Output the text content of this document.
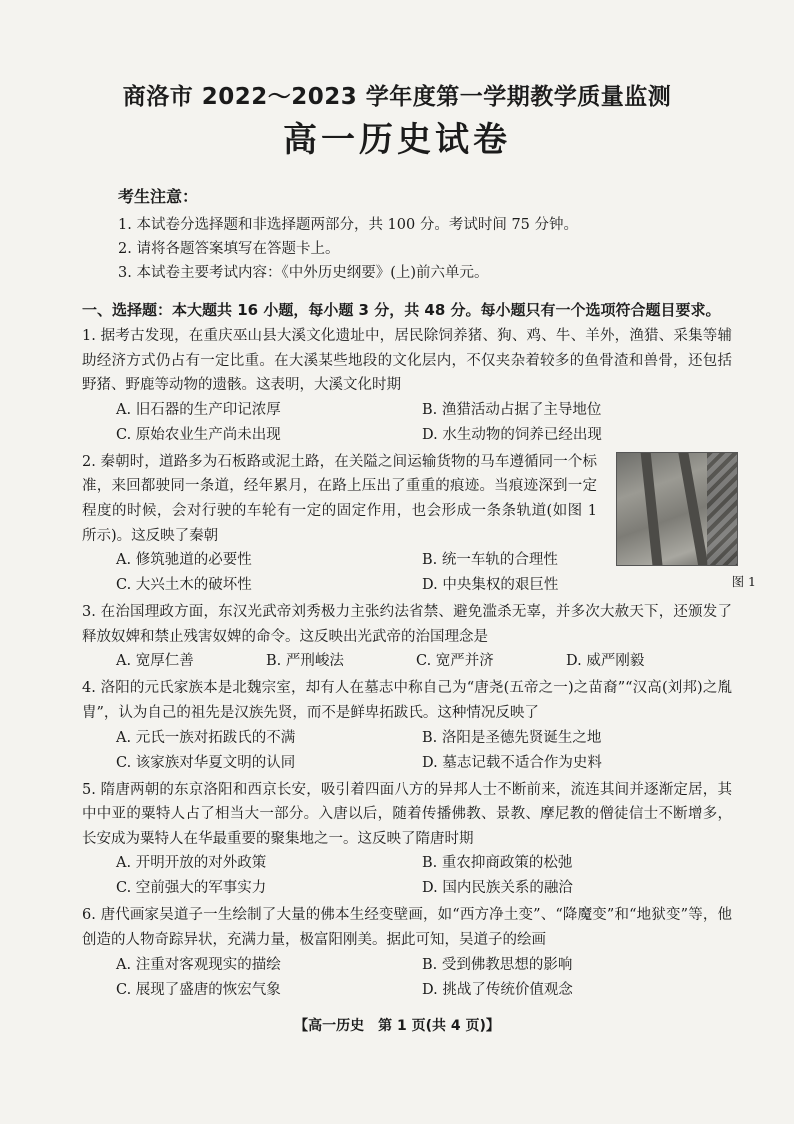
商洛市 2022～2023 学年度第一学期教学质量监测
高一历史试卷
考生注意：
1. 本试卷分选择题和非选择题两部分，共 100 分。考试时间 75 分钟。
2. 请将各题答案填写在答题卡上。
3. 本试卷主要考试内容：《中外历史纲要》(上)前六单元。
一、选择题：本大题共 16 小题，每小题 3 分，共 48 分。每小题只有一个选项符合题目要求。
1. 据考古发现，在重庆巫山县大溪文化遗址中，居民除饲养猪、狗、鸡、牛、羊外，渔猎、采集等辅助经济方式仍占有一定比重。在大溪某些地段的文化层内，不仅夹杂着较多的鱼骨渣和兽骨，还包括野猪、野鹿等动物的遗骸。这表明，大溪文化时期
A. 旧石器的生产印记浓厚	B. 渔猎活动占据了主导地位
C. 原始农业生产尚未出现	D. 水生动物的饲养已经出现
2. 秦朝时，道路多为石板路或泥土路，在关隘之间运输货物的马车遵循同一个标准，来回都驶同一条道，经年累月，在路上压出了重重的痕迹。当痕迹深到一定程度的时候，会对行驶的车轮有一定的固定作用，也会形成一条条轨道(如图 1 所示)。这反映了秦朝
A. 修筑驰道的必要性	B. 统一车轨的合理性
C. 大兴土木的破坏性	D. 中央集权的艰巨性
3. 在治国理政方面，东汉光武帝刘秀极力主张约法省禁、避免滥杀无辜，并多次大赦天下，还颁发了释放奴婢和禁止残害奴婢的命令。这反映出光武帝的治国理念是
A. 宽厚仁善	B. 严刑峻法	C. 宽严并济	D. 威严刚毅
4. 洛阳的元氏家族本是北魏宗室，却有人在墓志中称自己为“唐尧(五帝之一)之苗裔”“汉高(刘邦)之胤胄”，认为自己的祖先是汉族先贤，而不是鲜卑拓跋氏。这种情况反映了
A. 元氏一族对拓跋氏的不满	B. 洛阳是圣德先贤诞生之地
C. 该家族对华夏文明的认同	D. 墓志记载不适合作为史料
5. 隋唐两朝的东京洛阳和西京长安，吸引着四面八方的异邦人士不断前来，流连其间并逐渐定居，其中中亚的粟特人占了相当大一部分。入唐以后，随着传播佛教、景教、摩尼教的僧徒信士不断增多，长安成为粟特人在华最重要的聚集地之一。这反映了隋唐时期
A. 开明开放的对外政策	B. 重农抑商政策的松弛
C. 空前强大的军事实力	D. 国内民族关系的融洽
6. 唐代画家吴道子一生绘制了大量的佛本生经变壁画，如“西方净土变”、“降魔变”和“地狱变”等，他创造的人物奇踪异状，充满力量，极富阳刚美。据此可知，吴道子的绘画
A. 注重对客观现实的描绘	B. 受到佛教思想的影响
C. 展现了盛唐的恢宏气象	D. 挑战了传统价值观念
图 1
【高一历史　第 1 页(共 4 页)】
